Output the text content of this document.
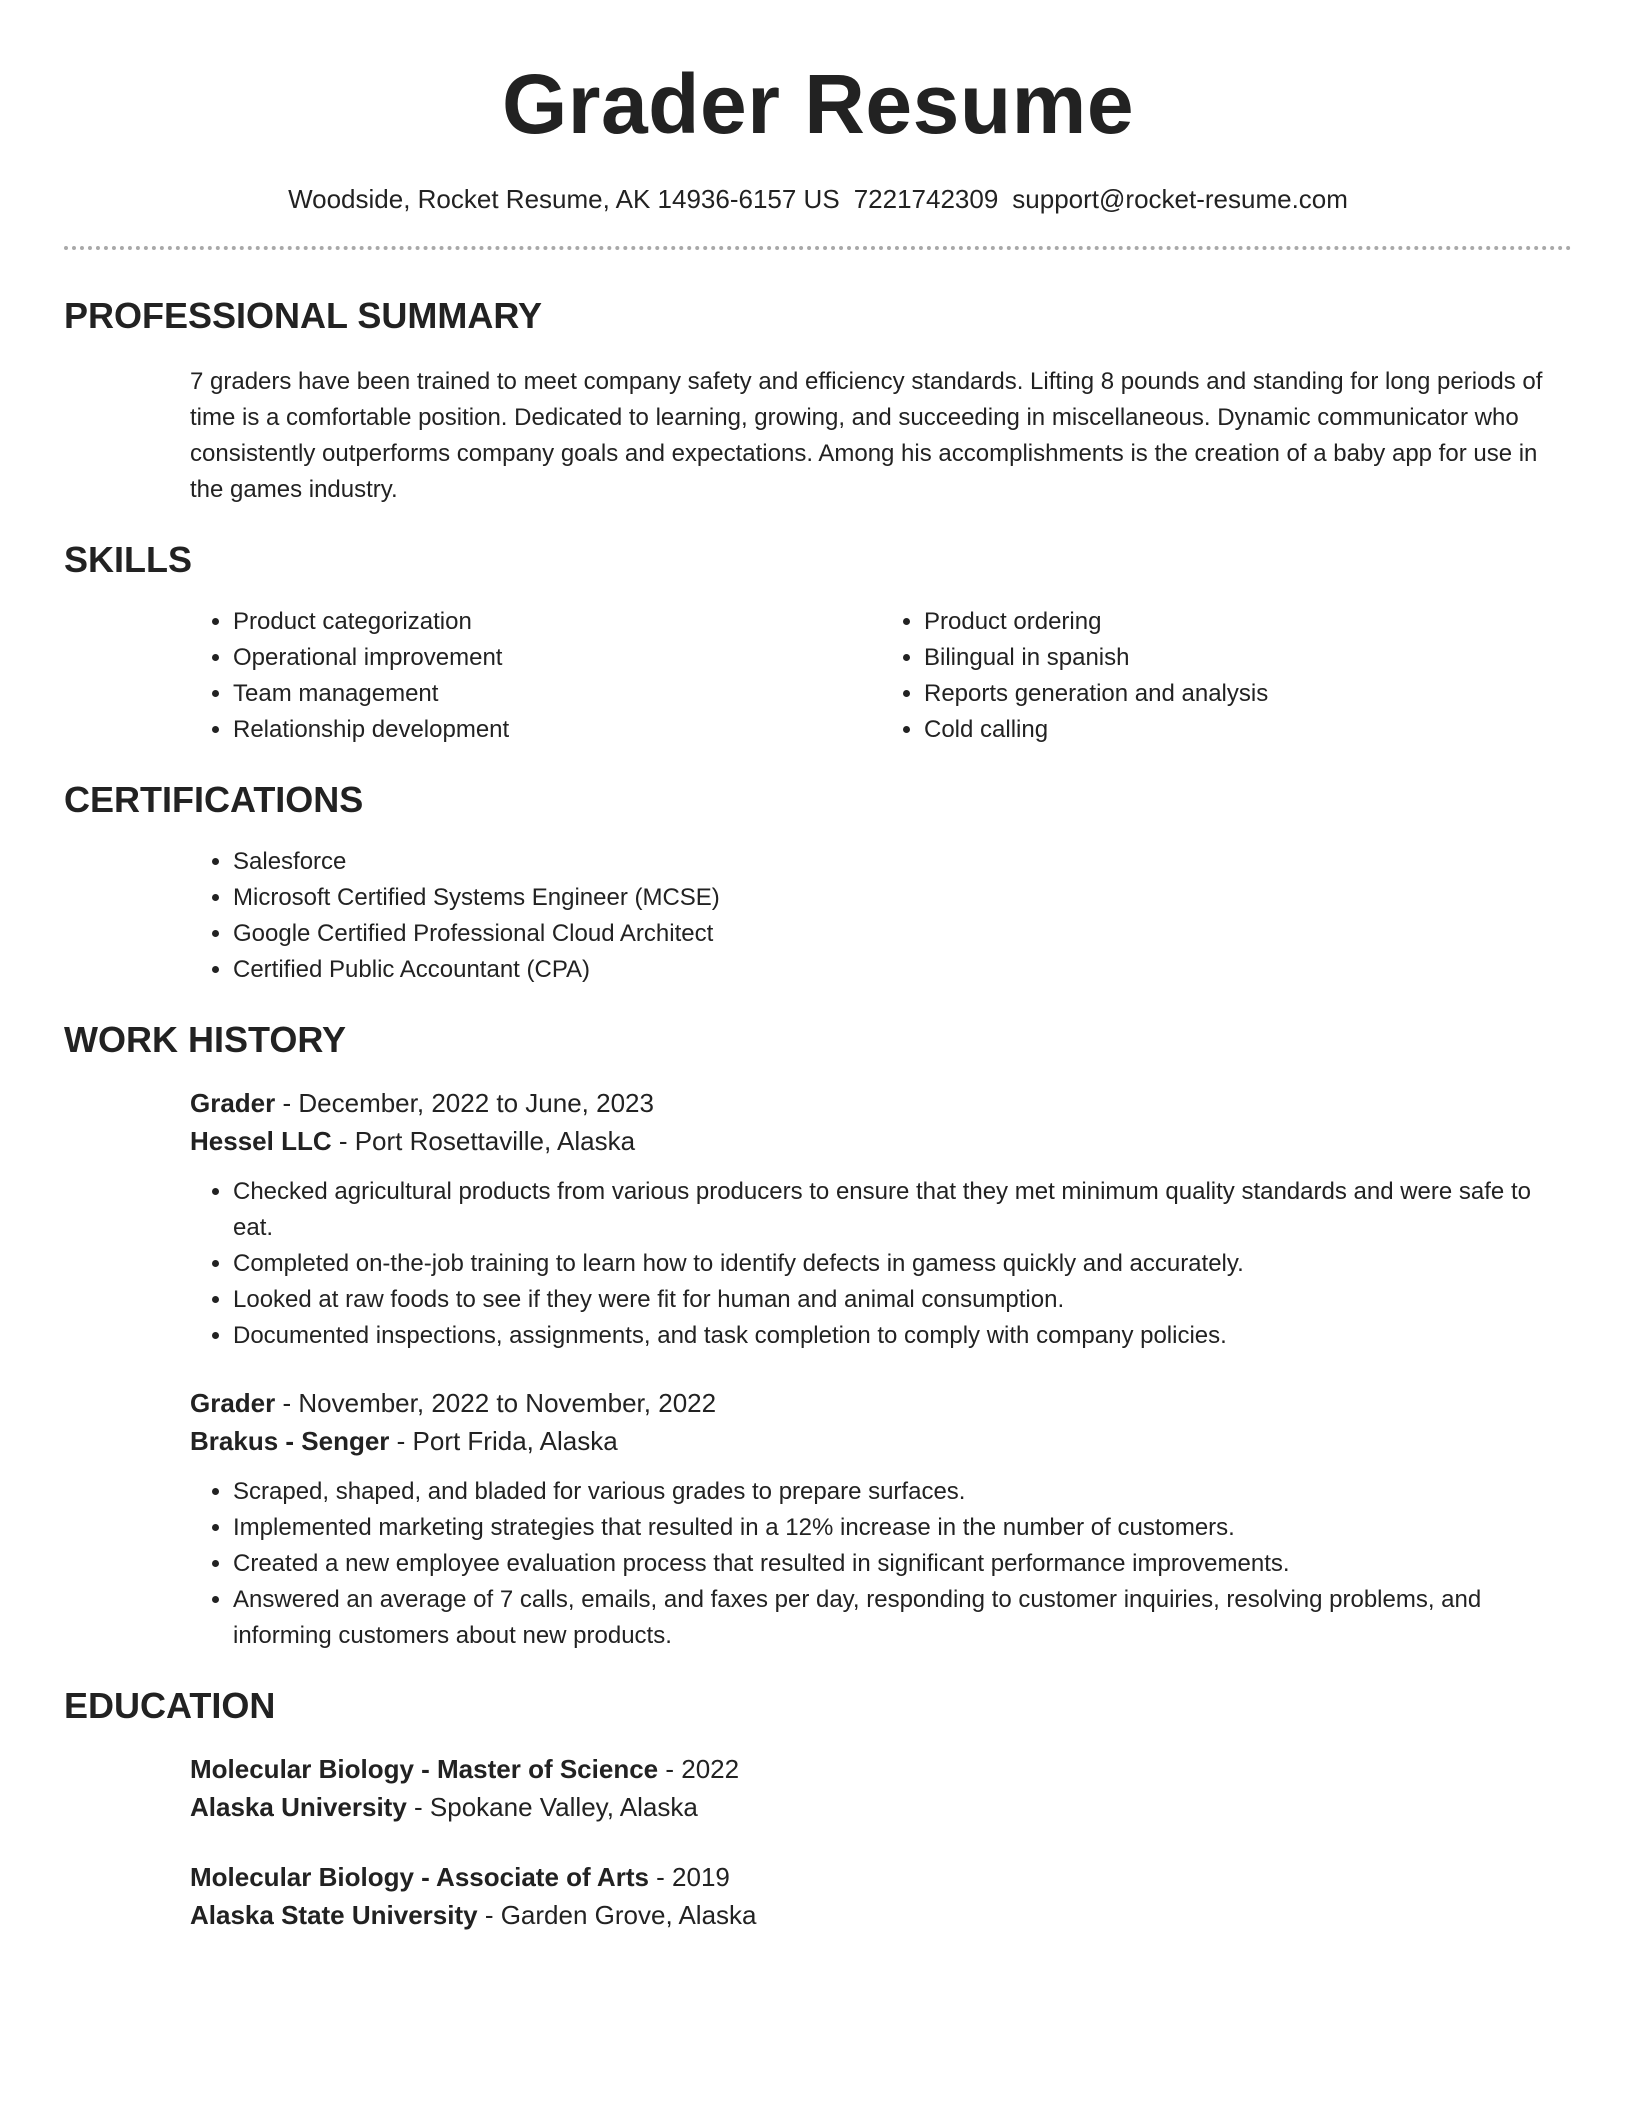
Grader Resume
Woodside, Rocket Resume, AK 14936-6157 US 7221742309 support@rocket-resume.com
PROFESSIONAL SUMMARY
7 graders have been trained to meet company safety and efficiency standards. Lifting 8 pounds and standing for long periods of time is a comfortable position. Dedicated to learning, growing, and succeeding in miscellaneous. Dynamic communicator who consistently outperforms company goals and expectations. Among his accomplishments is the creation of a baby app for use in the games industry.
SKILLS
• Product categorization
• Operational improvement
• Team management
• Relationship development
• Product ordering
• Bilingual in spanish
• Reports generation and analysis
• Cold calling
CERTIFICATIONS
• Salesforce
• Microsoft Certified Systems Engineer (MCSE)
• Google Certified Professional Cloud Architect
• Certified Public Accountant (CPA)
WORK HISTORY
Grader - December, 2022 to June, 2023
Hessel LLC - Port Rosettaville, Alaska
• Checked agricultural products from various producers to ensure that they met minimum quality standards and were safe to eat.
• Completed on-the-job training to learn how to identify defects in gamess quickly and accurately.
• Looked at raw foods to see if they were fit for human and animal consumption.
• Documented inspections, assignments, and task completion to comply with company policies.
Grader - November, 2022 to November, 2022
Brakus - Senger - Port Frida, Alaska
• Scraped, shaped, and bladed for various grades to prepare surfaces.
• Implemented marketing strategies that resulted in a 12% increase in the number of customers.
• Created a new employee evaluation process that resulted in significant performance improvements.
• Answered an average of 7 calls, emails, and faxes per day, responding to customer inquiries, resolving problems, and informing customers about new products.
EDUCATION
Molecular Biology - Master of Science - 2022
Alaska University - Spokane Valley, Alaska
Molecular Biology - Associate of Arts - 2019
Alaska State University - Garden Grove, Alaska
